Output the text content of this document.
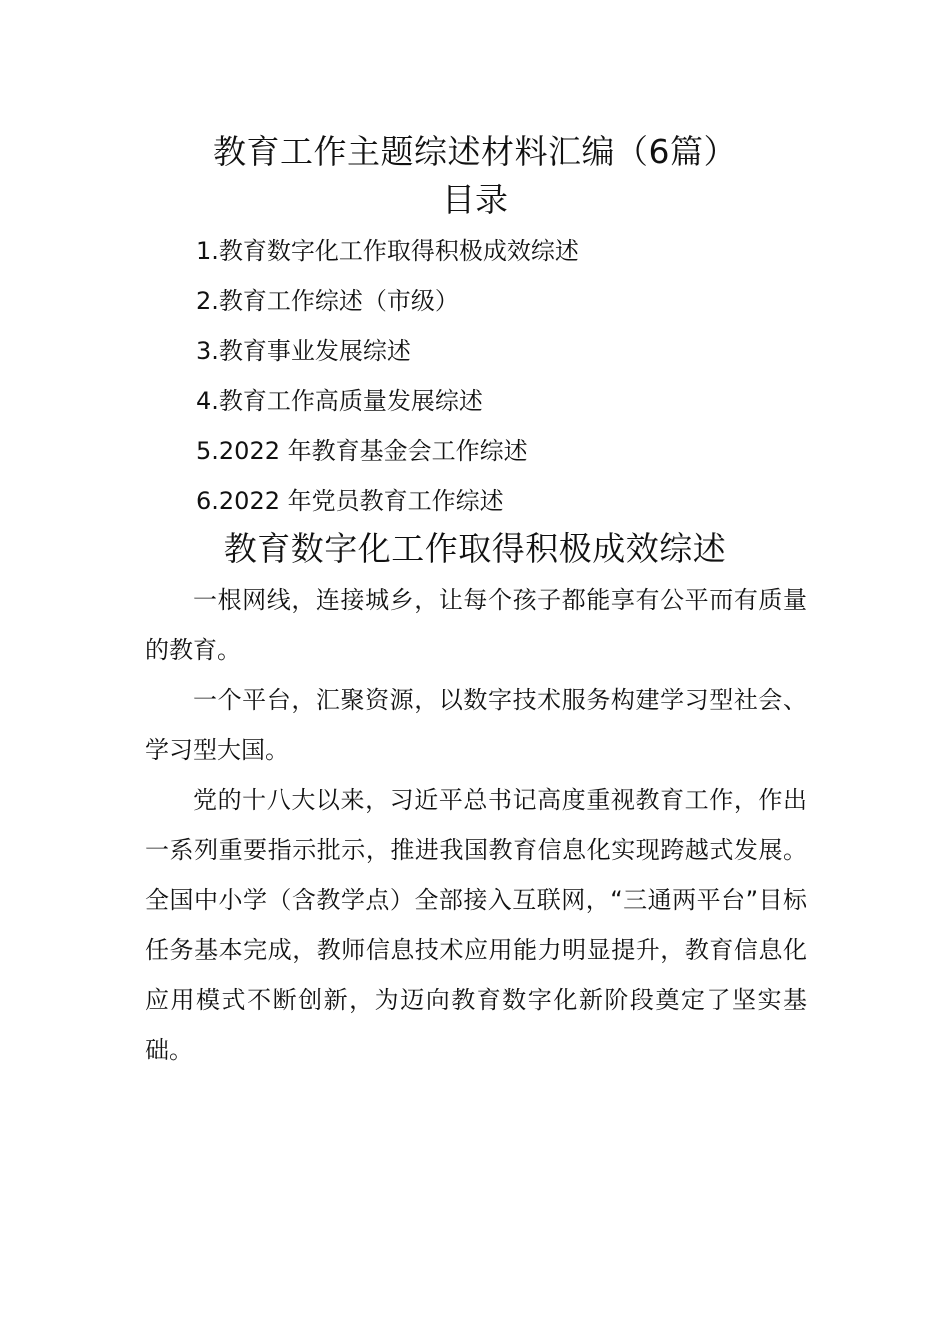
教育工作主题综述材料汇编（6篇）
目录
1.教育数字化工作取得积极成效综述
2.教育工作综述（市级）
3.教育事业发展综述
4.教育工作高质量发展综述
5.2022 年教育基金会工作综述
6.2022 年党员教育工作综述
教育数字化工作取得积极成效综述

一根网线，连接城乡，让每个孩子都能享有公平而有质量的教育。

一个平台，汇聚资源，以数字技术服务构建学习型社会、学习型大国。

党的十八大以来，习近平总书记高度重视教育工作，作出一系列重要指示批示，推进我国教育信息化实现跨越式发展。全国中小学（含教学点）全部接入互联网，“三通两平台”目标任务基本完成，教师信息技术应用能力明显提升，教育信息化应用模式不断创新，为迈向教育数字化新阶段奠定了坚实基础。
